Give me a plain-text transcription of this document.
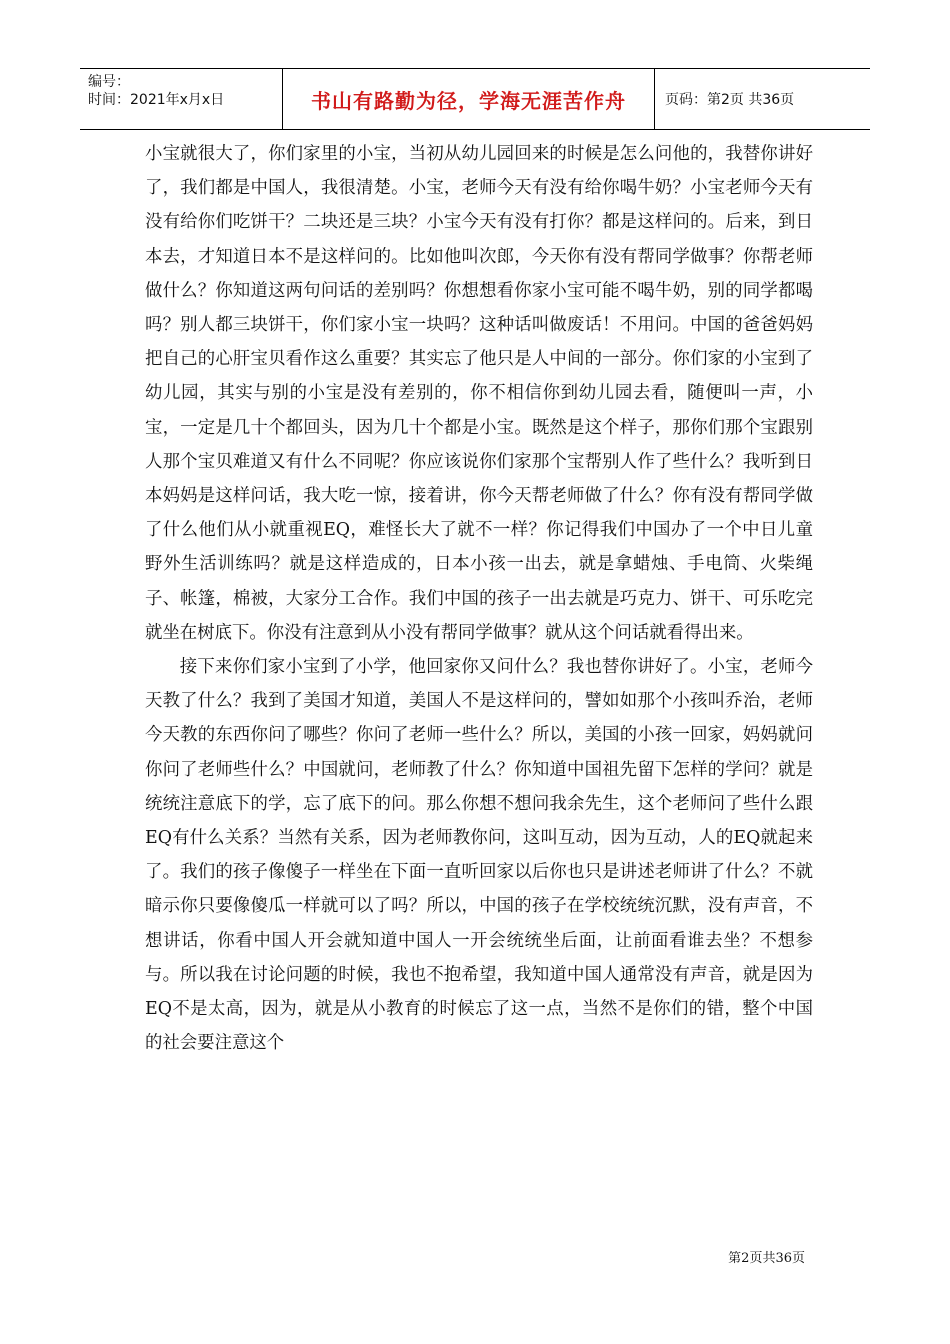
编号：
时间：2021年x月x日	书山有路勤为径，学海无涯苦作舟	页码：第2页 共36页

小宝就很大了，你们家里的小宝，当初从幼儿园回来的时候是怎么问他的，我替你讲好了，我们都是中国人，我很清楚。小宝，老师今天有没有给你喝牛奶？小宝老师今天有没有给你们吃饼干？二块还是三块？小宝今天有没有打你？都是这样问的。后来，到日本去，才知道日本不是这样问的。比如他叫次郎，今天你有没有帮同学做事？你帮老师做什么？你知道这两句问话的差别吗？你想想看你家小宝可能不喝牛奶，别的同学都喝吗？别人都三块饼干，你们家小宝一块吗？这种话叫做废话！不用问。中国的爸爸妈妈把自己的心肝宝贝看作这么重要？其实忘了他只是人中间的一部分。你们家的小宝到了幼儿园，其实与别的小宝是没有差别的，你不相信你到幼儿园去看，随便叫一声，小宝，一定是几十个都回头，因为几十个都是小宝。既然是这个样子，那你们那个宝跟别人那个宝贝难道又有什么不同呢？你应该说你们家那个宝帮别人作了些什么？我听到日本妈妈是这样问话，我大吃一惊，接着讲，你今天帮老师做了什么？你有没有帮同学做了什么他们从小就重视EQ，难怪长大了就不一样？你记得我们中国办了一个中日儿童野外生活训练吗？就是这样造成的，日本小孩一出去，就是拿蜡烛、手电筒、火柴绳子、帐篷，棉被，大家分工合作。我们中国的孩子一出去就是巧克力、饼干、可乐吃完就坐在树底下。你没有注意到从小没有帮同学做事？就从这个问话就看得出来。

接下来你们家小宝到了小学，他回家你又问什么？我也替你讲好了。小宝，老师今天教了什么？我到了美国才知道，美国人不是这样问的，譬如如那个小孩叫乔治，老师今天教的东西你问了哪些？你问了老师一些什么？所以，美国的小孩一回家，妈妈就问你问了老师些什么？中国就问，老师教了什么？你知道中国祖先留下怎样的学问？就是统统注意底下的学，忘了底下的问。那么你想不想问我余先生，这个老师问了些什么跟EQ有什么关系？当然有关系，因为老师教你问，这叫互动，因为互动，人的EQ就起来了。我们的孩子像傻子一样坐在下面一直听回家以后你也只是讲述老师讲了什么？不就暗示你只要像傻瓜一样就可以了吗？所以，中国的孩子在学校统统沉默，没有声音，不想讲话，你看中国人开会就知道中国人一开会统统坐后面，让前面看谁去坐？不想参与。所以我在讨论问题的时候，我也不抱希望，我知道中国人通常没有声音，就是因为EQ不是太高，因为，就是从小教育的时候忘了这一点，当然不是你们的错，整个中国的社会要注意这个

第2页共36页
